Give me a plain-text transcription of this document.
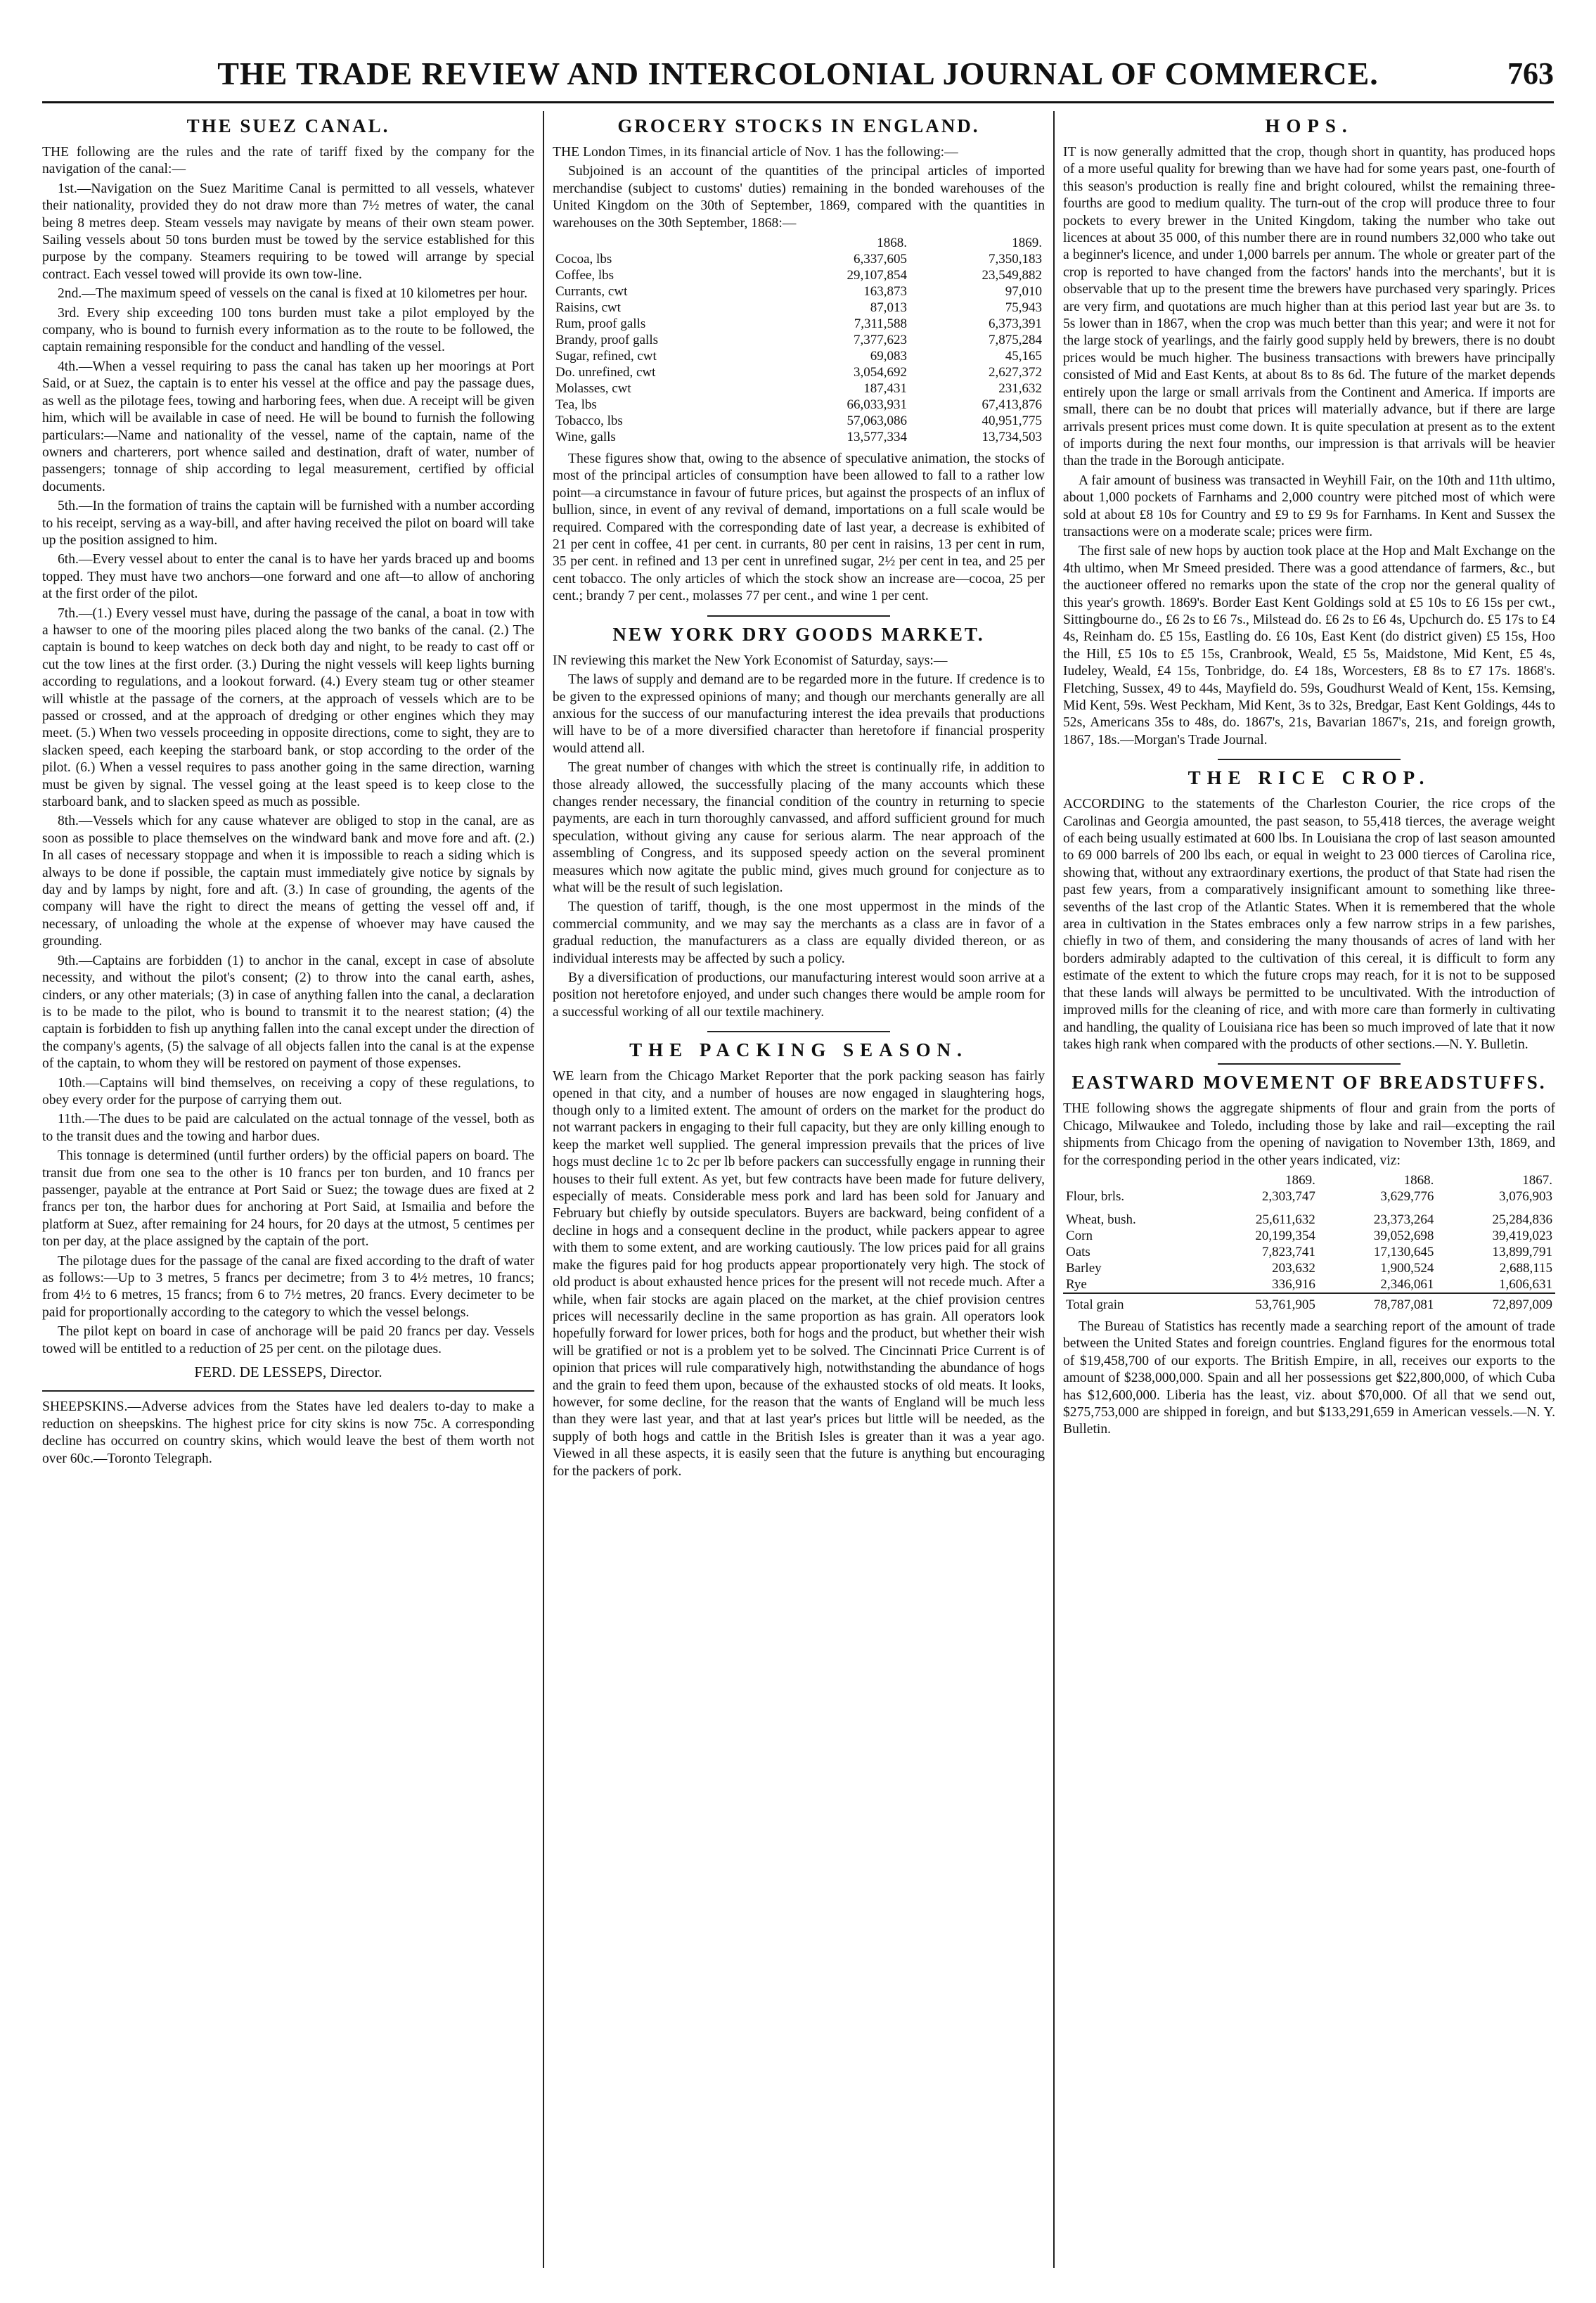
THE TRADE REVIEW AND INTERCOLONIAL JOURNAL OF COMMERCE.	763
THE SUEZ CANAL.

THE following are the rules and the rate of tariff fixed by the company for the navigation of the canal:—

1st.—Navigation on the Suez Maritime Canal is permitted to all vessels, whatever their nationality, provided they do not draw more than 7½ metres of water, the canal being 8 metres deep. Steam vessels may navigate by means of their own steam power. Sailing vessels about 50 tons burden must be towed by the service established for this purpose by the company. Steamers requiring to be towed will arrange by special contract. Each vessel towed will provide its own tow-line.

2nd.—The maximum speed of vessels on the canal is fixed at 10 kilometres per hour.

3rd. Every ship exceeding 100 tons burden must take a pilot employed by the company, who is bound to furnish every information as to the route to be followed, the captain remaining responsible for the conduct and handling of the vessel.

4th.—When a vessel requiring to pass the canal has taken up her moorings at Port Said, or at Suez, the captain is to enter his vessel at the office and pay the passage dues, as well as the pilotage fees, towing and harboring fees, when due. A receipt will be given him, which will be available in case of need. He will be bound to furnish the following particulars:—Name and nationality of the vessel, name of the captain, name of the owners and charterers, port whence sailed and destination, draft of water, number of passengers; tonnage of ship according to legal measurement, certified by official documents.

5th.—In the formation of trains the captain will be furnished with a number according to his receipt, serving as a way-bill, and after having received the pilot on board will take up the position assigned to him.

6th.—Every vessel about to enter the canal is to have her yards braced up and booms topped. They must have two anchors—one forward and one aft—to allow of anchoring at the first order of the pilot.

7th.—(1.) Every vessel must have, during the passage of the canal, a boat in tow with a hawser to one of the mooring piles placed along the two banks of the canal. (2.) The captain is bound to keep watches on deck both day and night, to be ready to cast off or cut the tow lines at the first order. (3.) During the night vessels will keep lights burning according to regulations, and a lookout forward. (4.) Every steam tug or other steamer will whistle at the passage of the corners, at the approach of vessels which are to be passed or crossed, and at the approach of dredging or other engines which they may meet. (5.) When two vessels proceeding in opposite directions, come to sight, they are to slacken speed, each keeping the starboard bank, or stop according to the order of the pilot. (6.) When a vessel requires to pass another going in the same direction, warning must be given by signal. The vessel going at the least speed is to keep close to the starboard bank, and to slacken speed as much as possible.

8th.—Vessels which for any cause whatever are obliged to stop in the canal, are as soon as possible to place themselves on the windward bank and move fore and aft. (2.) In all cases of necessary stoppage and when it is impossible to reach a siding which is always to be done if possible, the captain must immediately give notice by signals by day and by lamps by night, fore and aft. (3.) In case of grounding, the agents of the company will have the right to direct the means of getting the vessel off and, if necessary, of unloading the whole at the expense of whoever may have caused the grounding.

9th.—Captains are forbidden (1) to anchor in the canal, except in case of absolute necessity, and without the pilot's consent; (2) to throw into the canal earth, ashes, cinders, or any other materials; (3) in case of anything fallen into the canal, a declaration is to be made to the pilot, who is bound to transmit it to the nearest station; (4) the captain is forbidden to fish up anything fallen into the canal except under the direction of the company's agents, (5) the salvage of all objects fallen into the canal is at the expense of the captain, to whom they will be restored on payment of those expenses.

10th.—Captains will bind themselves, on receiving a copy of these regulations, to obey every order for the purpose of carrying them out.

11th.—The dues to be paid are calculated on the actual tonnage of the vessel, both as to the transit dues and the towing and harbor dues.

This tonnage is determined (until further orders) by the official papers on board. The transit due from one sea to the other is 10 francs per ton burden, and 10 francs per passenger, payable at the entrance at Port Said or Suez; the towage dues are fixed at 2 francs per ton, the harbor dues for anchoring at Port Said, at Ismailia and before the platform at Suez, after remaining for 24 hours, for 20 days at the utmost, 5 centimes per ton per day, at the place assigned by the captain of the port.

The pilotage dues for the passage of the canal are fixed according to the draft of water as follows:—Up to 3 metres, 5 francs per decimetre; from 3 to 4½ metres, 10 francs; from 4½ to 6 metres, 15 francs; from 6 to 7½ metres, 20 francs. Every decimeter to be paid for proportionally according to the category to which the vessel belongs.

The pilot kept on board in case of anchorage will be paid 20 francs per day. Vessels towed will be entitled to a reduction of 25 per cent. on the pilotage dues.

FERD. DE LESSEPS, Director.

SHEEPSKINS.—Adverse advices from the States have led dealers to-day to make a reduction on sheepskins. The highest price for city skins is now 75c. A corresponding decline has occurred on country skins, which would leave the best of them worth not over 60c.—Toronto Telegraph.

GROCERY STOCKS IN ENGLAND.

THE London Times, in its financial article of Nov. 1 has the following:—

Subjoined is an account of the quantities of the principal articles of imported merchandise (subject to customs' duties) remaining in the bonded warehouses of the United Kingdom on the 30th of September, 1869, compared with the quantities in warehouses on the 30th September, 1868:—

	1868.	1869.
Cocoa, lbs	6,337,605	7,350,183
Coffee, lbs	29,107,854	23,549,882
Currants, cwt	163,873	97,010
Raisins, cwt	87,013	75,943
Rum, proof galls	7,311,588	6,373,391
Brandy, proof galls	7,377,623	7,875,284
Sugar, refined, cwt	69,083	45,165
Do. unrefined, cwt	3,054,692	2,627,372
Molasses, cwt	187,431	231,632
Tea, lbs	66,033,931	67,413,876
Tobacco, lbs	57,063,086	40,951,775
Wine, galls	13,577,334	13,734,503

These figures show that, owing to the absence of speculative animation, the stocks of most of the principal articles of consumption have been allowed to fall to a rather low point—a circumstance in favour of future prices, but against the prospects of an influx of bullion, since, in event of any revival of demand, importations on a full scale would be required. Compared with the corresponding date of last year, a decrease is exhibited of 21 per cent in coffee, 41 per cent. in currants, 80 per cent in raisins, 13 per cent in rum, 35 per cent. in refined and 13 per cent in unrefined sugar, 2½ per cent in tea, and 25 per cent tobacco. The only articles of which the stock show an increase are—cocoa, 25 per cent.; brandy 7 per cent., molasses 77 per cent., and wine 1 per cent.

NEW YORK DRY GOODS MARKET.

IN reviewing this market the New York Economist of Saturday, says:—

The laws of supply and demand are to be regarded more in the future. If credence is to be given to the expressed opinions of many; and though our merchants generally are all anxious for the success of our manufacturing interest the idea prevails that productions will have to be of a more diversified character than heretofore if financial prosperity would attend all.

The great number of changes with which the street is continually rife, in addition to those already allowed, the successfully placing of the many accounts which these changes render necessary, the financial condition of the country in returning to specie payments, are each in turn thoroughly canvassed, and afford sufficient ground for much speculation, without giving any cause for serious alarm. The near approach of the assembling of Congress, and its supposed speedy action on the several prominent measures which now agitate the public mind, gives much ground for conjecture as to what will be the result of such legislation.

The question of tariff, though, is the one most uppermost in the minds of the commercial community, and we may say the merchants as a class are in favor of a gradual reduction, the manufacturers as a class are equally divided thereon, or as individual interests may be affected by such a policy.

By a diversification of productions, our manufacturing interest would soon arrive at a position not heretofore enjoyed, and under such changes there would be ample room for a successful working of all our textile machinery.

THE PACKING SEASON.

WE learn from the Chicago Market Reporter that the pork packing season has fairly opened in that city, and a number of houses are now engaged in slaughtering hogs, though only to a limited extent. The amount of orders on the market for the product do not warrant packers in engaging to their full capacity, but they are only killing enough to keep the market well supplied. The general impression prevails that the prices of live hogs must decline 1c to 2c per lb before packers can successfully engage in running their houses to their full extent. As yet, but few contracts have been made for future delivery, especially of meats. Considerable mess pork and lard has been sold for January and February but chiefly by outside speculators. Buyers are backward, being confident of a decline in hogs and a consequent decline in the product, while packers appear to agree with them to some extent, and are working cautiously. The low prices paid for all grains make the figures paid for hog products appear proportionately very high. The stock of old product is about exhausted hence prices for the present will not recede much. After a while, when fair stocks are again placed on the market, at the chief provision centres prices will necessarily decline in the same proportion as has grain. All operators look hopefully forward for lower prices, both for hogs and the product, but whether their wish will be gratified or not is a problem yet to be solved. The Cincinnati Price Current is of opinion that prices will rule comparatively high, notwithstanding the abundance of hogs and the grain to feed them upon, because of the exhausted stocks of old meats. It looks, however, for some decline, for the reason that the wants of England will be much less than they were last year, and that at last year's prices but little will be needed, as the supply of both hogs and cattle in the British Isles is greater than it was a year ago. Viewed in all these aspects, it is easily seen that the future is anything but encouraging for the packers of pork.

HOPS.

IT is now generally admitted that the crop, though short in quantity, has produced hops of a more useful quality for brewing than we have had for some years past, one-fourth of this season's production is really fine and bright coloured, whilst the remaining three-fourths are good to medium quality. The turn-out of the crop will produce three to four pockets to every brewer in the United Kingdom, taking the number who take out licences at about 35 000, of this number there are in round numbers 32,000 who take out a beginner's licence, and under 1,000 barrels per annum. The whole or greater part of the crop is reported to have changed from the factors' hands into the merchants', but it is observable that up to the present time the brewers have purchased very sparingly. Prices are very firm, and quotations are much higher than at this period last year but are 3s. to 5s lower than in 1867, when the crop was much better than this year; and were it not for the large stock of yearlings, and the fairly good supply held by brewers, there is no doubt prices would be much higher. The business transactions with brewers have principally consisted of Mid and East Kents, at about 8s to 8s 6d. The future of the market depends entirely upon the large or small arrivals from the Continent and America. If imports are small, there can be no doubt that prices will materially advance, but if there are large arrivals present prices must come down. It is quite speculation at present as to the extent of imports during the next four months, our impression is that arrivals will be heavier than the trade in the Borough anticipate.

A fair amount of business was transacted in Weyhill Fair, on the 10th and 11th ultimo, about 1,000 pockets of Farnhams and 2,000 country were pitched most of which were sold at about £8 10s for Country and £9 to £9 9s for Farnhams. In Kent and Sussex the transactions were on a moderate scale; prices were firm.

The first sale of new hops by auction took place at the Hop and Malt Exchange on the 4th ultimo, when Mr Smeed presided. There was a good attendance of farmers, &c., but the auctioneer offered no remarks upon the state of the crop nor the general quality of this year's growth. 1869's. Border East Kent Goldings sold at £5 10s to £6 15s per cwt., Sittingbourne do., £6 2s to £6 7s., Milstead do. £6 2s to £6 4s, Upchurch do. £5 17s to £4 4s, Reinham do. £5 15s, Eastling do. £6 10s, East Kent (do district given) £5 15s, Hoo the Hill, £5 10s to £5 15s, Cranbrook, Weald, £5 5s, Maidstone, Mid Kent, £5 4s, Iudeley, Weald, £4 15s, Tonbridge, do. £4 18s, Worcesters, £8 8s to £7 17s. 1868's. Fletching, Sussex, 49 to 44s, Mayfield do. 59s, Goudhurst Weald of Kent, 15s. Kemsing, Mid Kent, 59s. West Peckham, Mid Kent, 3s to 32s, Bredgar, East Kent Goldings, 44s to 52s, Americans 35s to 48s, do. 1867's, 21s, Bavarian 1867's, 21s, and foreign growth, 1867, 18s.—Morgan's Trade Journal.

THE RICE CROP.

ACCORDING to the statements of the Charleston Courier, the rice crops of the Carolinas and Georgia amounted, the past season, to 55,418 tierces, the average weight of each being usually estimated at 600 lbs. In Louisiana the crop of last season amounted to 69 000 barrels of 200 lbs each, or equal in weight to 23 000 tierces of Carolina rice, showing that, without any extraordinary exertions, the product of that State had risen the past few years, from a comparatively insignificant amount to something like three-sevenths of the last crop of the Atlantic States. When it is remembered that the whole area in cultivation in the States embraces only a few narrow strips in a few parishes, chiefly in two of them, and considering the many thousands of acres of land with her borders admirably adapted to the cultivation of this cereal, it is difficult to form any estimate of the extent to which the future crops may reach, for it is not to be supposed that these lands will always be permitted to be uncultivated. With the introduction of improved mills for the cleaning of rice, and with more care than formerly in cultivating and handling, the quality of Louisiana rice has been so much improved of late that it now takes high rank when compared with the products of other sections.—N. Y. Bulletin.

EASTWARD MOVEMENT OF BREADSTUFFS.

THE following shows the aggregate shipments of flour and grain from the ports of Chicago, Milwaukee and Toledo, including those by lake and rail—excepting the rail shipments from Chicago from the opening of navigation to November 13th, 1869, and for the corresponding period in the other years indicated, viz:

	1869.	1868.	1867.
Flour, brls.	2,303,747	3,629,776	3,076,903
Wheat, bush.	25,611,632	23,373,264	25,284,836
Corn	20,199,354	39,052,698	39,419,023
Oats	7,823,741	17,130,645	13,899,791
Barley	203,632	1,900,524	2,688,115
Rye	336,916	2,346,061	1,606,631
Total grain	53,761,905	78,787,081	72,897,009

The Bureau of Statistics has recently made a searching report of the amount of trade between the United States and foreign countries. England figures for the enormous total of $19,458,700 of our exports. The British Empire, in all, receives our exports to the amount of $238,000,000. Spain and all her possessions get $22,800,000, of which Cuba has $12,600,000. Liberia has the least, viz. about $70,000. Of all that we send out, $275,753,000 are shipped in foreign, and but $133,291,659 in American vessels.—N. Y. Bulletin.
